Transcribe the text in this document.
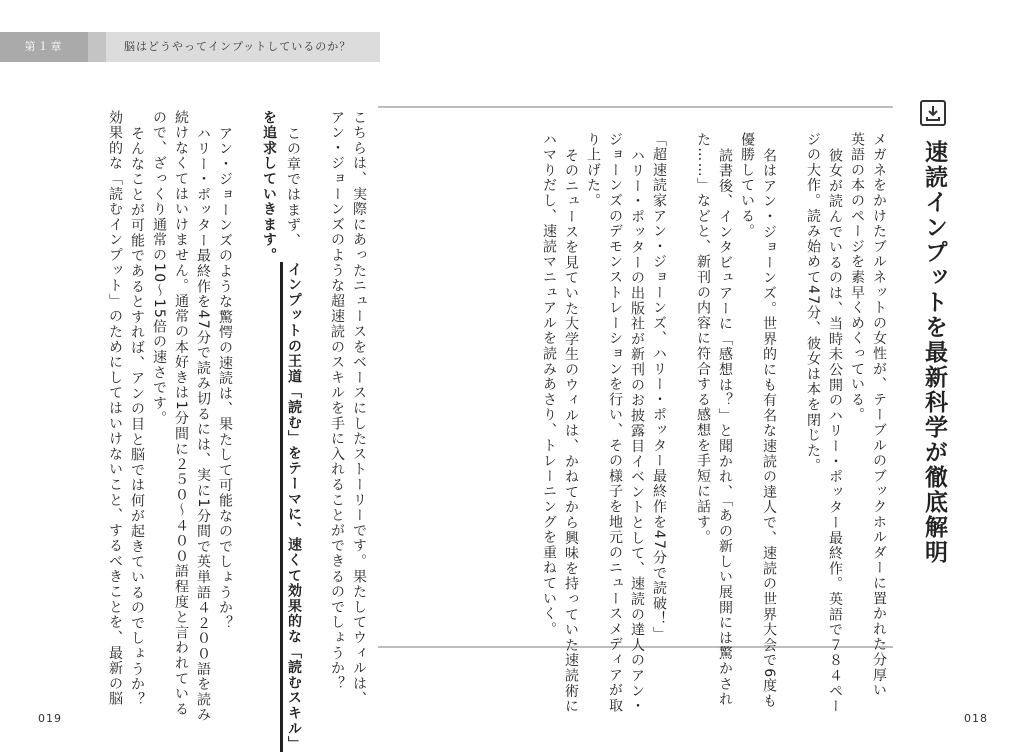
第１章	脳はどうやってインプットしているのか？
速読インプットを最新科学が徹底解明
メガネをかけたブルネットの女性が、テーブルのブックホルダーに置かれた分厚い
英語の本のページを素早くめくっている。
彼女が読んでいるのは、当時未公開のハリー・ポッター最終作。英語で７８４ペー
ジの大作。読み始めて47分、彼女は本を閉じた。
名はアン・ジョーンズ。世界的にも有名な速読の達人で、速読の世界大会で6度も
優勝している。
読書後、インタビュアーに「感想は？」と聞かれ、「あの新しい展開には驚かされ
た……」などと、新刊の内容に符合する感想を手短に話す。
「超速読家アン・ジョーンズ、ハリー・ポッター最終作を47分で読破！」
ハリー・ポッターの出版社が新刊のお披露目イベントとして、速読の達人のアン・
ジョーンズのデモンストレーションを行い、その様子を地元のニュースメディアが取
り上げた。
そのニュースを見ていた大学生のウィルは、かねてから興味を持っていた速読術に
ハマりだし、速読マニュアルを読みあさり、トレーニングを重ねていく。
こちらは、実際にあったニュースをベースにしたストーリーです。果たしてウィルは、
アン・ジョーンズのような超速読のスキルを手に入れることができるのでしょうか？
この章ではまず、
インプットの王道「読む」をテーマに、速くて効果的な「読むスキル」
を追求していきます。
アン・ジョーンズのような驚愕の速読は、果たして可能なのでしょうか？
ハリー・ポッター最終作を47分で読み切るには、実に1分間で英単語４２００語を読み
続けなくてはいけません。通常の本好きは1分間に２５０〜４００語程度と言われている
ので、ざっくり通常の10〜15倍の速さです。
そんなことが可能であるとすれば、アンの目と脳では何が起きているのでしょうか？
効果的な「読むインプット」のためにしてはいけないこと、するべきことを、最新の脳
019	018
